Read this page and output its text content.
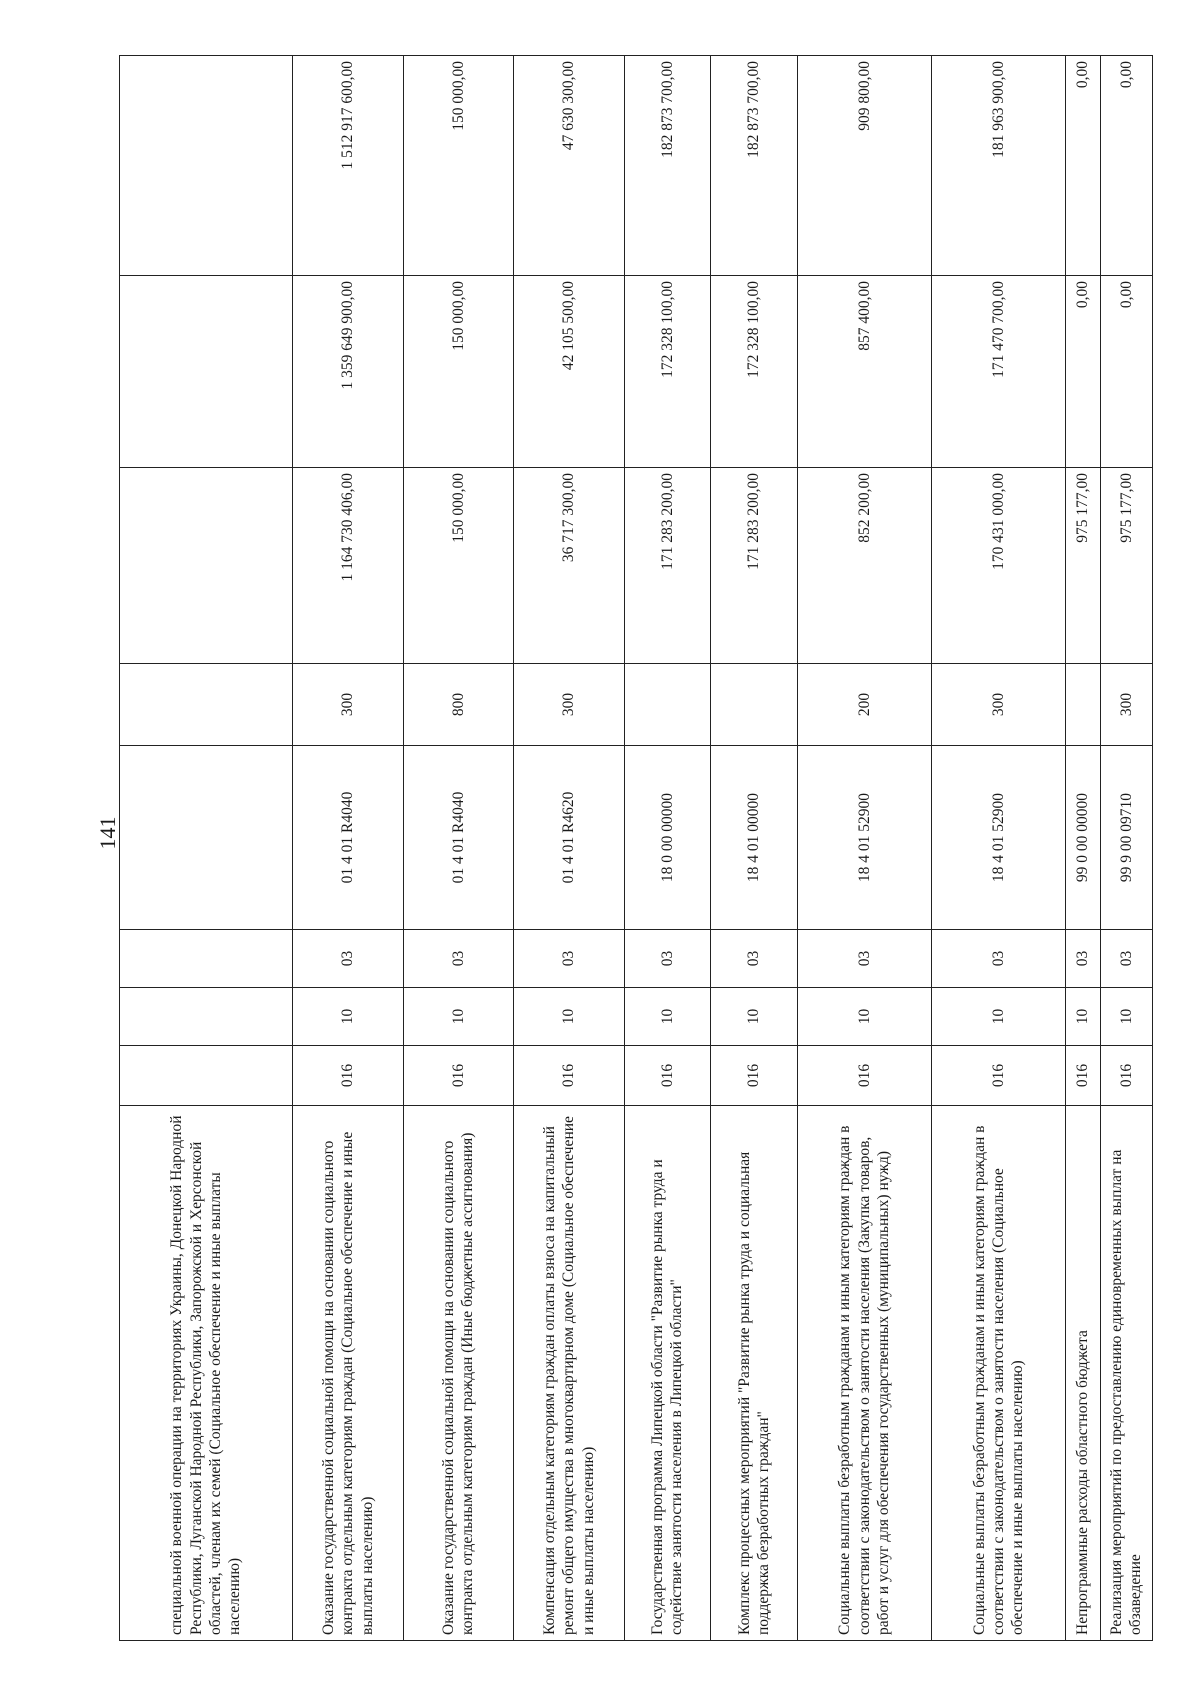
141
специальной военной операции на территориях Украины, Донецкой Народной Республики, Луганской Народной Республики, Запорожской и Херсонской областей, членам их семей (Социальное обеспечение и иные выплаты населению)								
Оказание государственной социальной помощи на основании социального контракта отдельным категориям граждан (Социальное обеспечение и иные выплаты населению)	016	10	03	01 4 01 R4040	300	1 164 730 406,00	1 359 649 900,00	1 512 917 600,00
Оказание государственной социальной помощи на основании социального контракта отдельным категориям граждан (Иные бюджетные ассигнования)	016	10	03	01 4 01 R4040	800	150 000,00	150 000,00	150 000,00
Компенсация отдельным категориям граждан оплаты взноса на капитальный ремонт общего имущества в многоквартирном доме (Социальное обеспечение и иные выплаты населению)	016	10	03	01 4 01 R4620	300	36 717 300,00	42 105 500,00	47 630 300,00
Государственная программа Липецкой области "Развитие рынка труда и содействие занятости населения в Липецкой области"	016	10	03	18 0 00 00000		171 283 200,00	172 328 100,00	182 873 700,00
Комплекс процессных мероприятий "Развитие рынка труда и социальная поддержка безработных граждан"	016	10	03	18 4 01 00000		171 283 200,00	172 328 100,00	182 873 700,00
Социальные выплаты безработным гражданам и иным категориям граждан в соответствии с законодательством о занятости населения (Закупка товаров, работ и услуг для обеспечения государственных (муниципальных) нужд)	016	10	03	18 4 01 52900	200	852 200,00	857 400,00	909 800,00
Социальные выплаты безработным гражданам и иным категориям граждан в соответствии с законодательством о занятости населения (Социальное обеспечение и иные выплаты населению)	016	10	03	18 4 01 52900	300	170 431 000,00	171 470 700,00	181 963 900,00
Непрограммные расходы областного бюджета	016	10	03	99 0 00 00000		975 177,00	0,00	0,00
Реализация мероприятий по предоставлению единовременных выплат на обзаведение	016	10	03	99 9 00 09710	300	975 177,00	0,00	0,00
